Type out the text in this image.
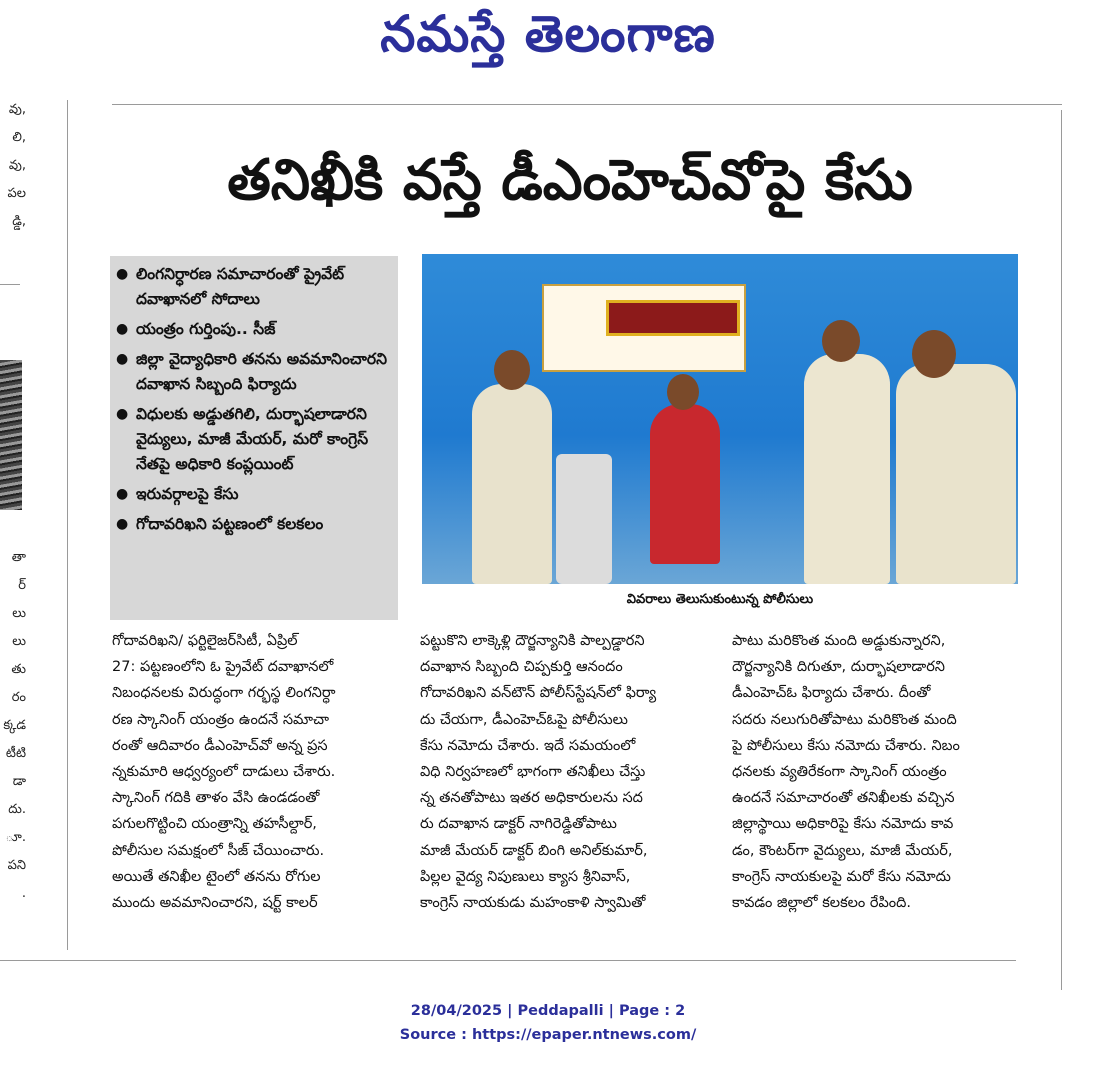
నమస్తే తెలంగాణ
వు,
లి,
వు,
పల
డ్డి,

తా
ర్
లు
లు
తు
రం
క్కడ
టీటి
డా
దు.
ూ.
పని
.
తనిఖీకి వస్తే డీఎంహెచ్‌వోపై కేసు
● లింగనిర్ధారణ సమాచారంతో ప్రైవేట్ దవాఖానలో సోదాలు
● యంత్రం గుర్తింపు.. సీజ్
● జిల్లా వైద్యాధికారి తనను అవమానించారని దవాఖాన సిబ్బంది ఫిర్యాదు
● విధులకు అడ్డుతగిలి, దుర్భాషలాడారని వైద్యులు, మాజీ మేయర్, మరో కాంగ్రెస్ నేతపై అధికారి కంప్లయింట్
● ఇరువర్గాలపై కేసు
● గోదావరిఖని పట్టణంలో కలకలం
వివరాలు తెలుసుకుంటున్న పోలీసులు
గోదావరిఖని/ ఫర్టిలైజర్‌సిటీ, ఏప్రిల్
27: పట్టణంలోని ఓ ప్రైవేట్ దవాఖానలో
నిబంధనలకు విరుద్ధంగా గర్భస్థ లింగనిర్ధా
రణ స్కానింగ్ యంత్రం ఉందనే సమాచా
రంతో ఆదివారం డీఎంహెచ్‌వో అన్న ప్రస
న్నకుమారి ఆధ్వర్యంలో దాడులు చేశారు.
స్కానింగ్ గదికి తాళం వేసి ఉండడంతో
పగులగొట్టించి యంత్రాన్ని తహసీల్దార్,
పోలీసుల సమక్షంలో సీజ్ చేయించారు.
అయితే తనిఖీల టైంలో తనను రోగుల
ముందు అవమానించారని, షర్ట్ కాలర్
పట్టుకొని లాక్కెళ్లి దౌర్జన్యానికి పాల్పడ్డారని
దవాఖాన సిబ్బంది చిప్పకుర్తి ఆనందం
గోదావరిఖని వన్‌టౌన్ పోలీస్‌స్టేషన్‌లో ఫిర్యా
దు చేయగా, డీఎంహెచ్‌ఓపై పోలీసులు
కేసు నమోదు చేశారు. ఇదే సమయంలో
విధి నిర్వహణలో భాగంగా తనిఖీలు చేస్తు
న్న తనతోపాటు ఇతర అధికారులను సద
రు దవాఖాన డాక్టర్ నాగిరెడ్డితోపాటు
మాజీ మేయర్ డాక్టర్ బింగి అనిల్‌కుమార్,
పిల్లల వైద్య నిపుణులు క్యాస శ్రీనివాస్,
కాంగ్రెస్ నాయకుడు మహంకాళి స్వామితో
పాటు మరికొంత మంది అడ్డుకున్నారని,
దౌర్జన్యానికి దిగుతూ, దుర్భాషలాడారని
డీఎంహెచ్‌ఓ ఫిర్యాదు చేశారు. దీంతో
సదరు నలుగురితోపాటు మరికొంత మంది
పై పోలీసులు కేసు నమోదు చేశారు. నిబం
ధనలకు వ్యతిరేకంగా స్కానింగ్ యంత్రం
ఉందనే సమాచారంతో తనిఖీలకు వచ్చిన
జిల్లాస్థాయి అధికారిపై కేసు నమోదు కావ
డం, కౌంటర్‌గా వైద్యులు, మాజీ మేయర్,
కాంగ్రెస్ నాయకులపై మరో కేసు నమోదు
కావడం జిల్లాలో కలకలం రేపింది.
28/04/2025 | Peddapalli | Page : 2
Source : https://epaper.ntnews.com/
